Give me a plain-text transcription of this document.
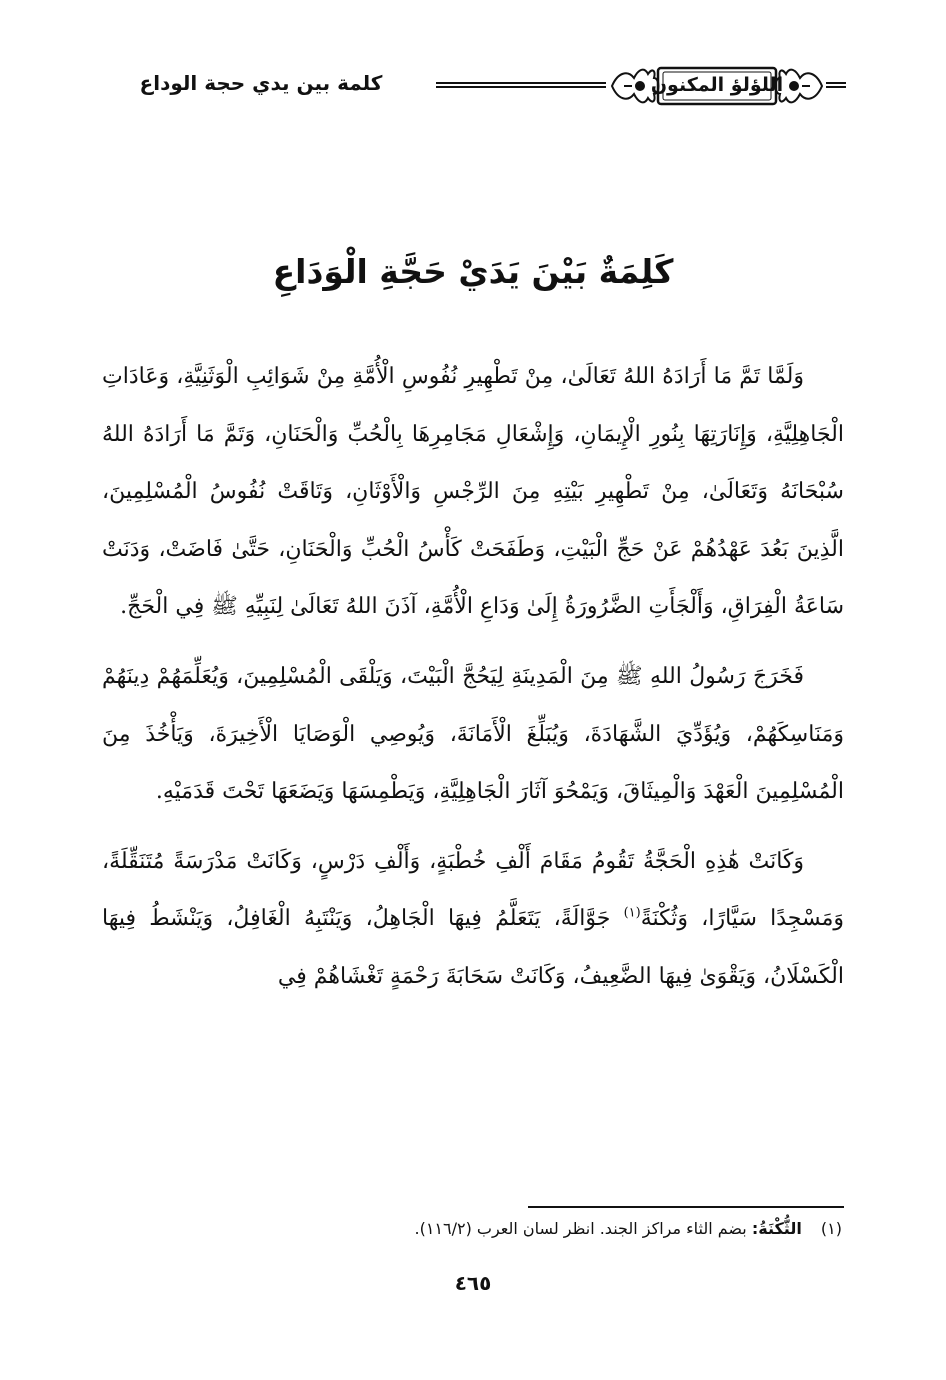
اللؤلؤ المكنون
كلمة بين يدي حجة الوداع
كَلِمَةٌ بَيْنَ يَدَيْ حَجَّةِ الْوَدَاعِ

وَلَمَّا تَمَّ مَا أَرَادَهُ اللهُ تَعَالَىٰ، مِنْ تَطْهِيرِ نُفُوسِ الْأُمَّةِ مِنْ شَوَائِبِ الْوَثَنِيَّةِ، وَعَادَاتِ الْجَاهِلِيَّةِ، وَإِنَارَتِهَا بِنُورِ الْإِيمَانِ، وَإِشْعَالِ مَجَامِرِهَا بِالْحُبِّ وَالْحَنَانِ، وَتَمَّ مَا أَرَادَهُ اللهُ سُبْحَانَهُ وَتَعَالَىٰ، مِنْ تَطْهِيرِ بَيْتِهِ مِنَ الرِّجْسِ وَالْأَوْثَانِ، وَتَاقَتْ نُفُوسُ الْمُسْلِمِينَ، الَّذِينَ بَعُدَ عَهْدُهُمْ عَنْ حَجِّ الْبَيْتِ، وَطَفَحَتْ كَأْسُ الْحُبِّ وَالْحَنَانِ، حَتَّىٰ فَاضَتْ، وَدَنَتْ سَاعَةُ الْفِرَاقِ، وَأَلْجَأَتِ الضَّرُورَةُ إِلَىٰ وَدَاعِ الْأُمَّةِ، آذَنَ اللهُ تَعَالَىٰ لِنَبِيِّهِ ﷺ فِي الْحَجِّ.

فَخَرَجَ رَسُولُ اللهِ ﷺ مِنَ الْمَدِينَةِ لِيَحُجَّ الْبَيْتَ، وَيَلْقَى الْمُسْلِمِينَ، وَيُعَلِّمَهُمْ دِينَهُمْ وَمَنَاسِكَهُمْ، وَيُؤَدِّيَ الشَّهَادَةَ، وَيُبَلِّغَ الْأَمَانَةَ، وَيُوصِي الْوَصَايَا الْأَخِيرَةَ، وَيَأْخُذَ مِنَ الْمُسْلِمِينَ الْعَهْدَ وَالْمِيثَاقَ، وَيَمْحُوَ آثَارَ الْجَاهِلِيَّةِ، وَيَطْمِسَهَا وَيَضَعَهَا تَحْتَ قَدَمَيْهِ.

وَكَانَتْ هَٰذِهِ الْحَجَّةُ تَقُومُ مَقَامَ أَلْفِ خُطْبَةٍ، وَأَلْفِ دَرْسٍ، وَكَانَتْ مَدْرَسَةً مُتَنَقِّلَةً، وَمَسْجِدًا سَيَّارًا، وَثُكْنَةً$^{(١)}$ جَوَّالَةً، يَتَعَلَّمُ فِيهَا الْجَاهِلُ، وَيَنْتَبِهُ الْغَافِلُ، وَيَنْشَطُ فِيهَا الْكَسْلَانُ، وَيَقْوَىٰ فِيهَا الضَّعِيفُ، وَكَانَتْ سَحَابَةَ رَحْمَةٍ تَغْشَاهُمْ فِي

(١) الثُّكْنَةُ: بضم الثاء مراكز الجند. انظر لسان العرب (١١٦/٢).
٤٦٥
